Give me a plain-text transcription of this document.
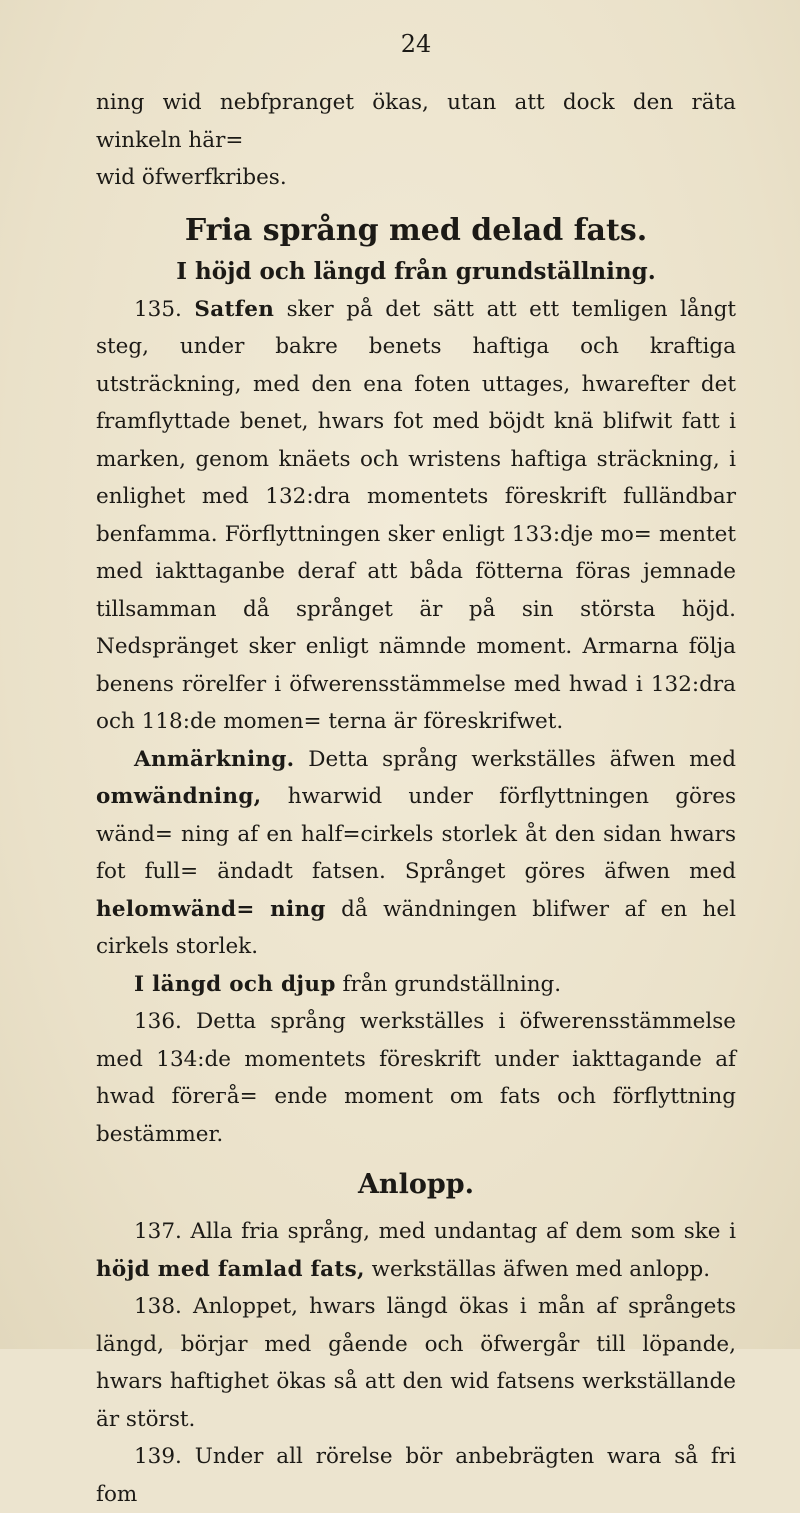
24

ning wid nebfpranget ökas, utan att dock den räta winkeln här=
wid öfwerfkribes.

Fria språng med delad fats.
I höjd och längd från grundställning.

135. Satfen sker på det sätt att ett temligen långt steg, under bakre benets haftiga och kraftiga utsträckning, med den ena foten uttages, hwarefter det framflyttade benet, hwars fot med böjdt knä blifwit fatt i marken, genom knäets och wristens haftiga sträckning, i enlighet med 132:dra momentets föreskrift fulländbar benfamma. Förflyttningen sker enligt 133:dje mo= mentet med iakttaganbe deraf att båda fötterna föras jemnade tillsamman då språnget är på sin största höjd. Nedspränget sker enligt nämnde moment. Armarna följa benens rörelfer i öfwerensstämmelse med hwad i 132:dra och 118:de momen= terna är föreskrifwet.

Anmärkning. Detta språng werkställes äfwen med omwändning, hwarwid under förflyttningen göres wänd= ning af en half=cirkels storlek åt den sidan hwars fot full= ändadt fatsen. Språnget göres äfwen med helomwänd= ning då wändningen blifwer af en hel cirkels storlek.

I längd och djup från grundställning.

136. Detta språng werkställes i öfwerensstämmelse med 134:de momentets föreskrift under iakttagande af hwad förегå= ende moment om fats och förflyttning bestämmer.

Anlopp.

137. Alla fria språng, med undantag af dem som ske i höjd med famlad fats, werkställas äfwen med anlopp.

138. Anloppet, hwars längd ökas i mån af språngets längd, börjar med gående och öfwergår till löpande, hwars haftighet ökas så att den wid fatsens werkställande är störst.

139. Under all rörelse bör anbebrägten wara så fri fom
